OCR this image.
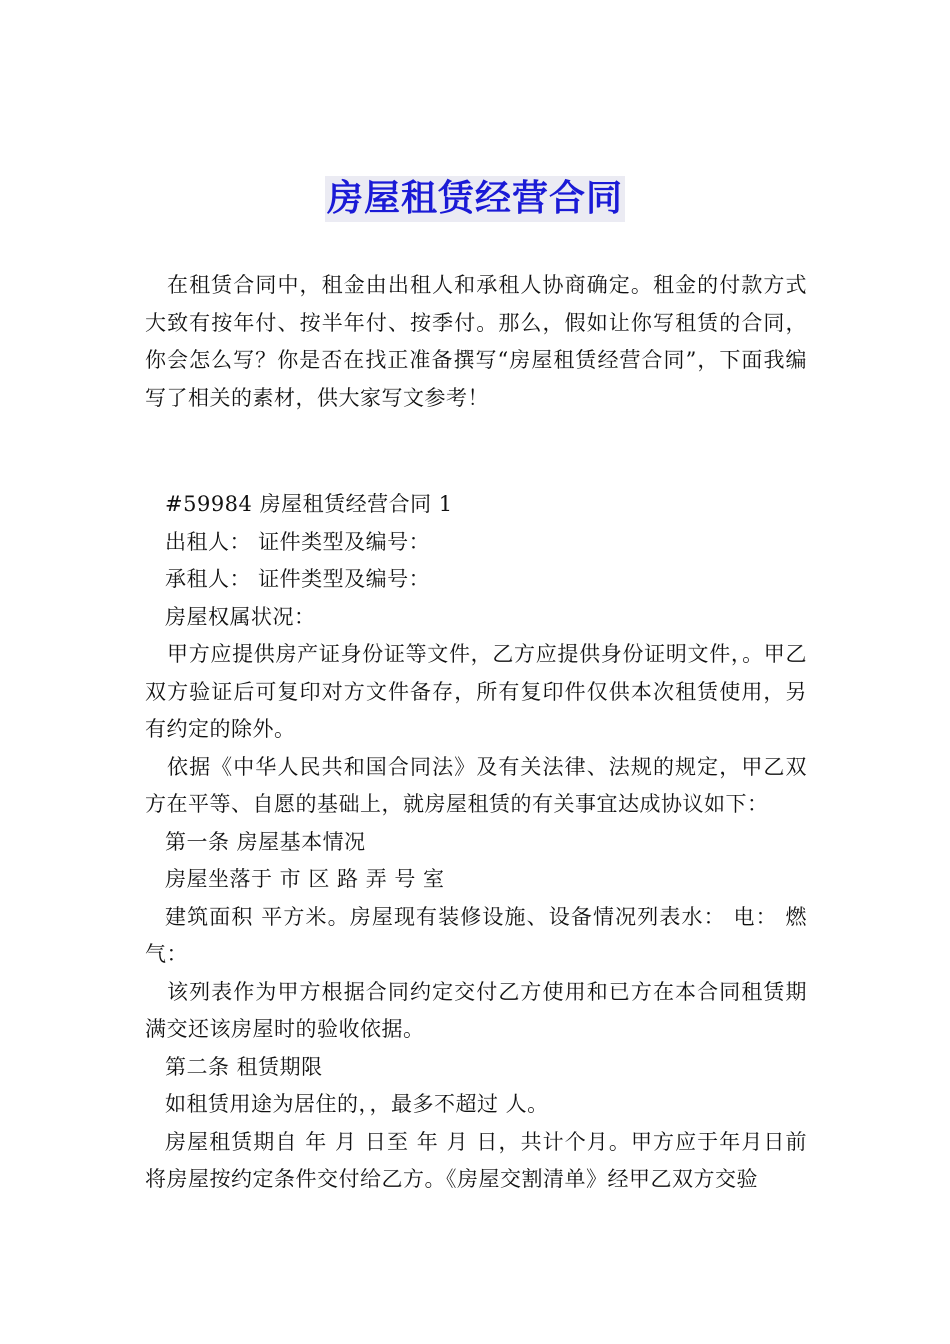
房屋租赁经营合同

在租赁合同中，租金由出租人和承租人协商确定。租金的付款方式大致有按年付、按半年付、按季付。那么，假如让你写租赁的合同，你会怎么写？你是否在找正准备撰写“房屋租赁经营合同”，下面我编写了相关的素材，供大家写文参考！

#59984 房屋租赁经营合同 1

出租人： 证件类型及编号：

承租人： 证件类型及编号：

房屋权属状况：

甲方应提供房产证身份证等文件，乙方应提供身份证明文件，。甲乙双方验证后可复印对方文件备存，所有复印件仅供本次租赁使用，另有约定的除外。

依据《中华人民共和国合同法》及有关法律、法规的规定，甲乙双方在平等、自愿的基础上，就房屋租赁的有关事宜达成协议如下：

第一条 房屋基本情况

房屋坐落于 市 区 路 弄 号 室

建筑面积 平方米。房屋现有装修设施、设备情况列表水： 电： 燃气：

该列表作为甲方根据合同约定交付乙方使用和已方在本合同租赁期满交还该房屋时的验收依据。

第二条 租赁期限

如租赁用途为居住的，，最多不超过 人。

房屋租赁期自 年 月 日至 年 月 日，共计个月。甲方应于年月日前将房屋按约定条件交付给乙方。《房屋交割清单》经甲乙双方交验
